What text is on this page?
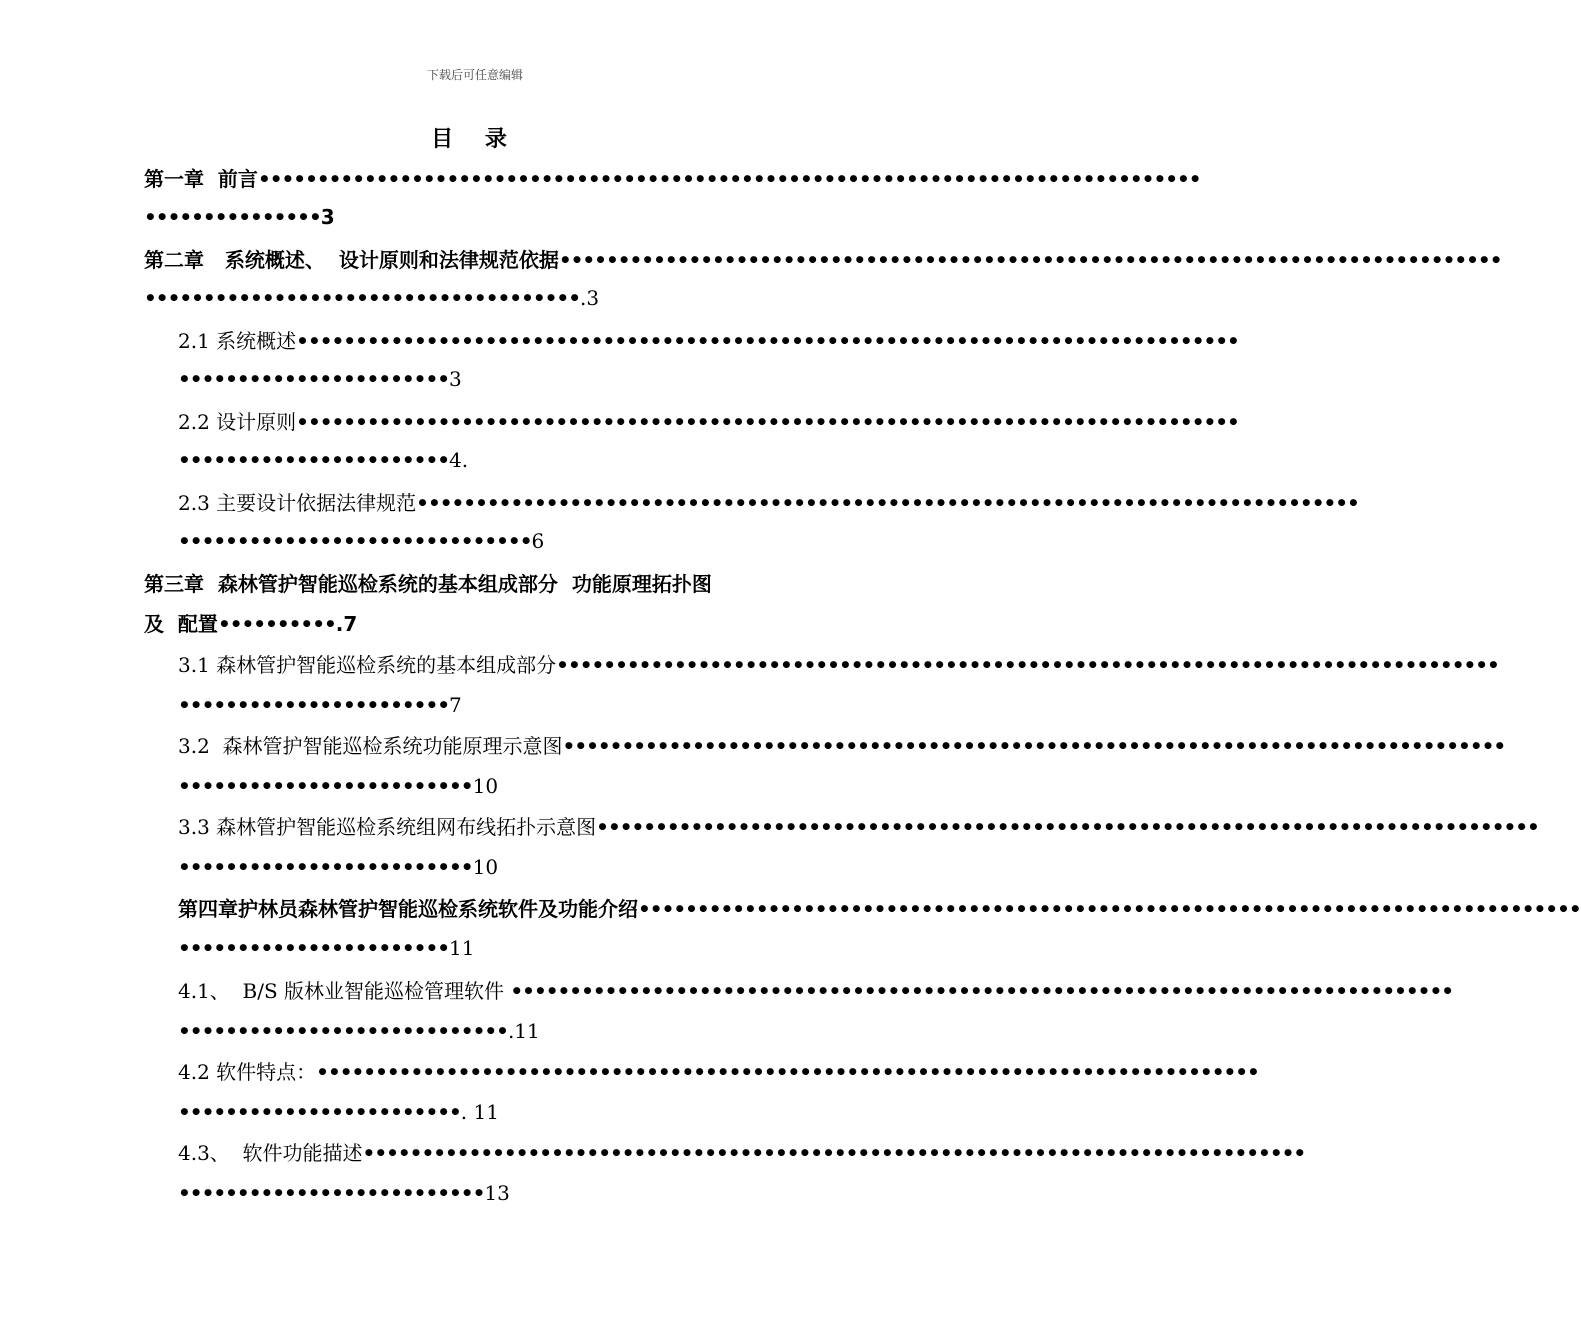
下载后可任意编辑
目 录
第一章  前言••••••••••••••••••••••••••••••••••••••••••••••••••••••••••••••••••••••••••••••••
•••••••••••••••3
第二章   系统概述、  设计原则和法律规范依据••••••••••••••••••••••••••••••••••••••••••••••••••••••••••••••••••••••••••••••••
•••••••••••••••••••••••••••••••••••••.3
2.1 系统概述••••••••••••••••••••••••••••••••••••••••••••••••••••••••••••••••••••••••••••••••
•••••••••••••••••••••••3
2.2 设计原则••••••••••••••••••••••••••••••••••••••••••••••••••••••••••••••••••••••••••••••••
•••••••••••••••••••••••4.
2.3 主要设计依据法律规范••••••••••••••••••••••••••••••••••••••••••••••••••••••••••••••••••••••••••••••••
••••••••••••••••••••••••••••••6
第三章  森林管护智能巡检系统的基本组成部分  功能原理拓扑图
及  配置••••••••••.7
3.1 森林管护智能巡检系统的基本组成部分••••••••••••••••••••••••••••••••••••••••••••••••••••••••••••••••••••••••••••••••
•••••••••••••••••••••••7
3.2  森林管护智能巡检系统功能原理示意图••••••••••••••••••••••••••••••••••••••••••••••••••••••••••••••••••••••••••••••••
•••••••••••••••••••••••••10
3.3 森林管护智能巡检系统组网布线拓扑示意图••••••••••••••••••••••••••••••••••••••••••••••••••••••••••••••••••••••••••••••••
•••••••••••••••••••••••••10
第四章护林员森林管护智能巡检系统软件及功能介绍••••••••••••••••••••••••••••••••••••••••••••••••••••••••••••••••••••••••••••••••
•••••••••••••••••••••••11
4.1、  B/S 版林业智能巡检管理软件 ••••••••••••••••••••••••••••••••••••••••••••••••••••••••••••••••••••••••••••••••
••••••••••••••••••••••••••••.11
4.2 软件特点：••••••••••••••••••••••••••••••••••••••••••••••••••••••••••••••••••••••••••••••••
••••••••••••••••••••••••. 11
4.3、  软件功能描述••••••••••••••••••••••••••••••••••••••••••••••••••••••••••••••••••••••••••••••••
••••••••••••••••••••••••••13
